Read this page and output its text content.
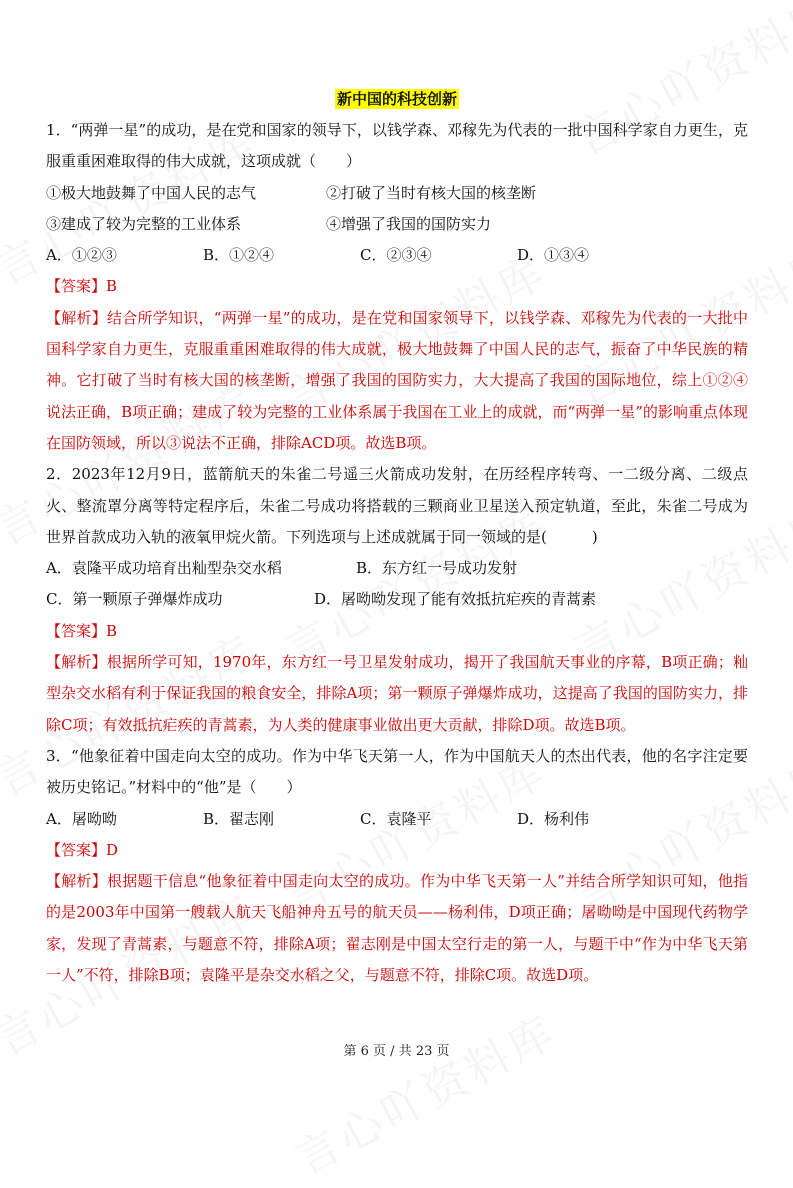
新中国的科技创新
1．“两弹一星”的成功，是在党和国家的领导下，以钱学森、邓稼先为代表的一批中国科学家自力更生，克服重重困难取得的伟大成就，这项成就（　　）
①极大地鼓舞了中国人民的志气	②打破了当时有核大国的核垄断
③建成了较为完整的工业体系	④增强了我国的国防实力
A．①②③	B．①②④	C．②③④	D．①③④
【答案】B
【解析】结合所学知识，“两弹一星”的成功，是在党和国家领导下，以钱学森、邓稼先为代表的一大批中国科学家自力更生，克服重重困难取得的伟大成就，极大地鼓舞了中国人民的志气，振奋了中华民族的精神。它打破了当时有核大国的核垄断，增强了我国的国防实力，大大提高了我国的国际地位，综上①②④说法正确，B项正确；建成了较为完整的工业体系属于我国在工业上的成就，而“两弹一星”的影响重点体现在国防领域，所以③说法不正确，排除ACD项。故选B项。
2．2023年12月9日，蓝箭航天的朱雀二号遥三火箭成功发射，在历经程序转弯、一二级分离、二级点火、整流罩分离等特定程序后，朱雀二号成功将搭载的三颗商业卫星送入预定轨道，至此，朱雀二号成为世界首款成功入轨的液氧甲烷火箭。下列选项与上述成就属于同一领域的是(　　　)
A．袁隆平成功培育出籼型杂交水稻	B．东方红一号成功发射
C．第一颗原子弹爆炸成功	D．屠呦呦发现了能有效抵抗疟疾的青蒿素
【答案】B
【解析】根据所学可知，1970年，东方红一号卫星发射成功，揭开了我国航天事业的序幕，B项正确；籼型杂交水稻有利于保证我国的粮食安全，排除A项；第一颗原子弹爆炸成功，这提高了我国的国防实力，排除C项；有效抵抗疟疾的青蒿素，为人类的健康事业做出更大贡献，排除D项。故选B项。
3．“他象征着中国走向太空的成功。作为中华飞天第一人，作为中国航天人的杰出代表，他的名字注定要被历史铭记。”材料中的“他”是（　　）
A．屠呦呦	B．翟志刚	C．袁隆平	D．杨利伟
【答案】D
【解析】根据题干信息“他象征着中国走向太空的成功。作为中华飞天第一人”并结合所学知识可知，他指的是2003年中国第一艘载人航天飞船神舟五号的航天员——杨利伟，D项正确；屠呦呦是中国现代药物学家，发现了青蒿素，与题意不符，排除A项；翟志刚是中国太空行走的第一人，与题干中“作为中华飞天第一人”不符，排除B项；袁隆平是杂交水稻之父，与题意不符，排除C项。故选D项。
第 6 页 / 共 23 页
